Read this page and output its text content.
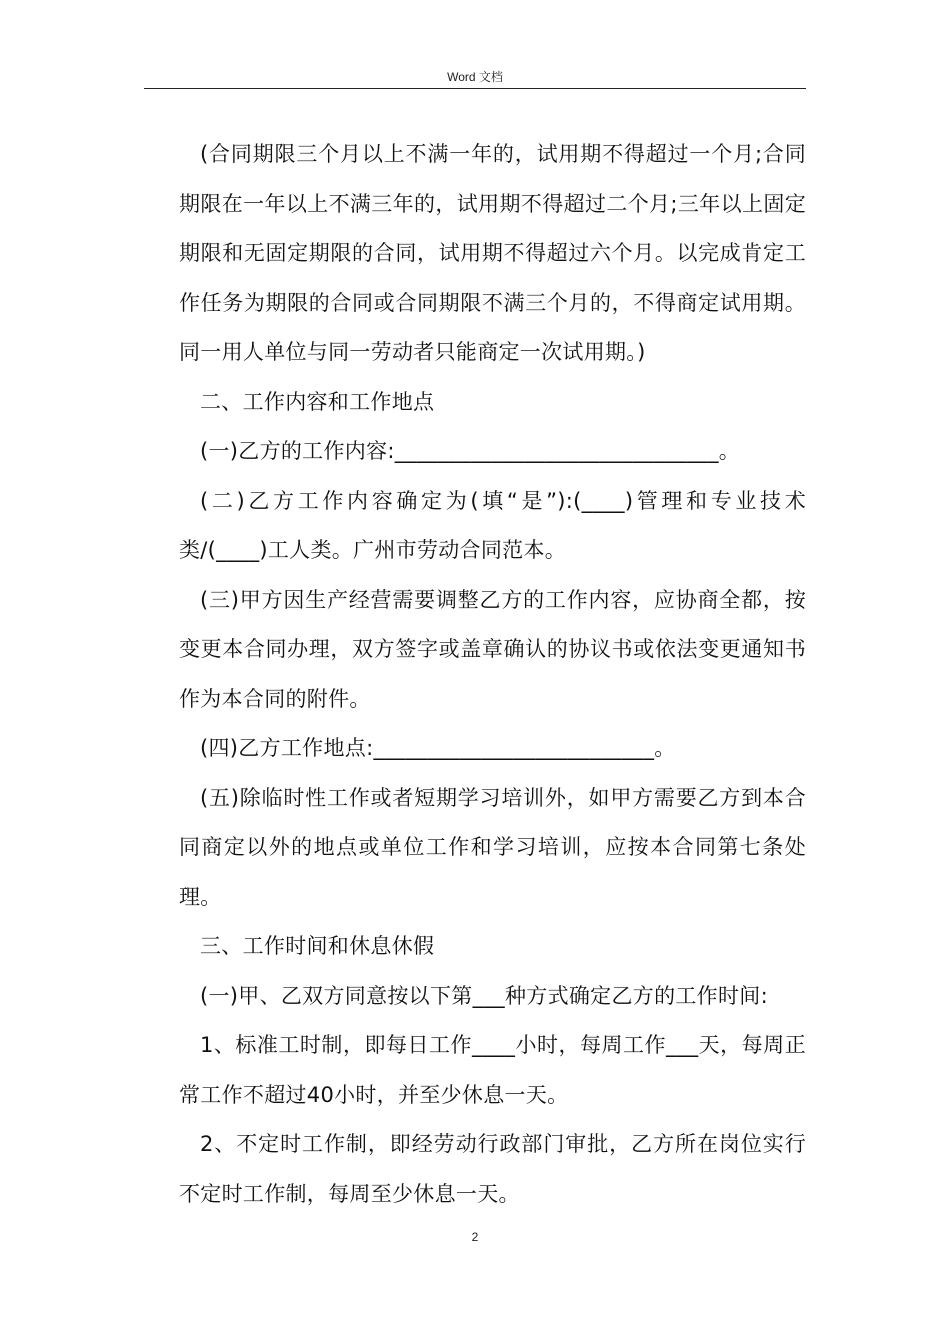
Word 文档

(合同期限三个月以上不满一年的，试用期不得超过一个月;合同期限在一年以上不满三年的，试用期不得超过二个月;三年以上固定期限和无固定期限的合同，试用期不得超过六个月。以完成肯定工作任务为期限的合同或合同期限不满三个月的，不得商定试用期。同一用人单位与同一劳动者只能商定一次试用期。)

二、工作内容和工作地点

(一)乙方的工作内容:______________________________。

(二)乙方工作内容确定为(填“是”):(____)管理和专业技术类/(____)工人类。广州市劳动合同范本。

(三)甲方因生产经营需要调整乙方的工作内容，应协商全都，按变更本合同办理，双方签字或盖章确认的协议书或依法变更通知书作为本合同的附件。

(四)乙方工作地点:__________________________。

(五)除临时性工作或者短期学习培训外，如甲方需要乙方到本合同商定以外的地点或单位工作和学习培训，应按本合同第七条处理。

三、工作时间和休息休假

(一)甲、乙双方同意按以下第___种方式确定乙方的工作时间:

1、标准工时制，即每日工作____小时，每周工作___天，每周正常工作不超过40小时，并至少休息一天。

2、不定时工作制，即经劳动行政部门审批，乙方所在岗位实行不定时工作制，每周至少休息一天。

2
